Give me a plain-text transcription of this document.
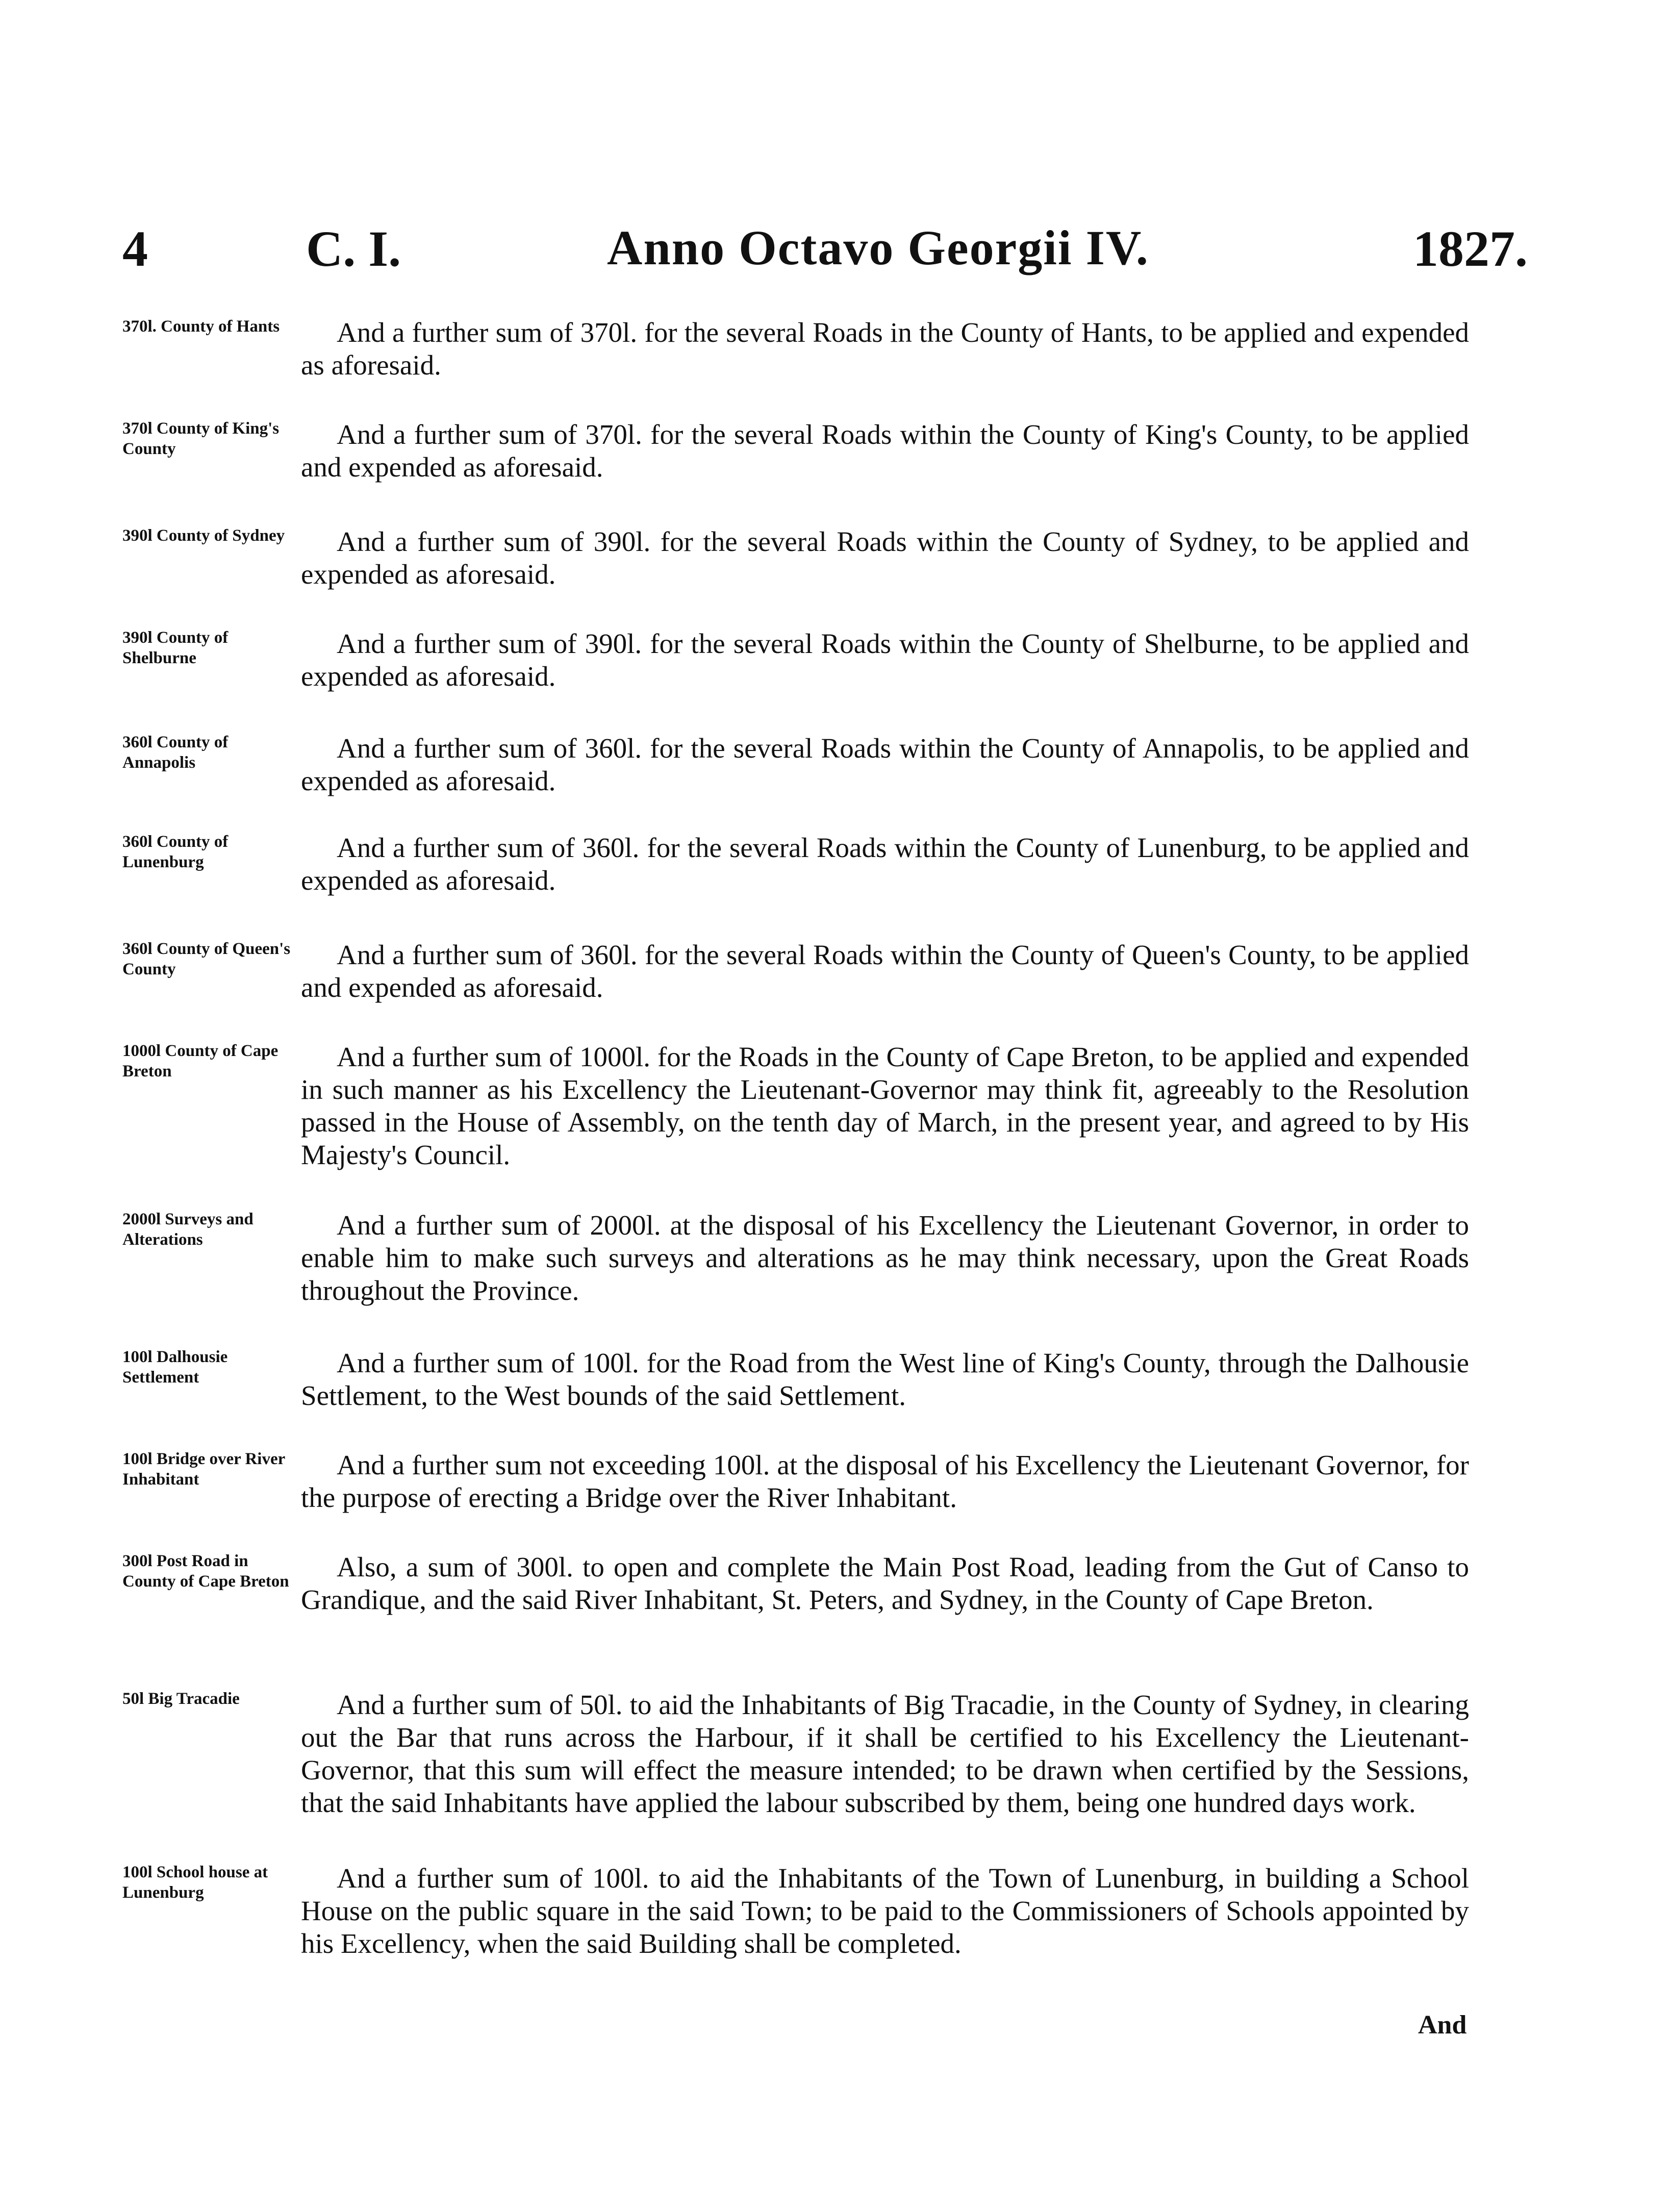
4	C. I.	Anno Octavo Georgii IV.	1827.
370l. County of Hants	And a further sum of 370l. for the several Roads in the County of Hants, to be applied and expended as aforesaid.
370l County of King's County	And a further sum of 370l. for the several Roads within the County of King's County, to be applied and expended as aforesaid.
390l County of Sydney	And a further sum of 390l. for the several Roads within the County of Sydney, to be applied and expended as aforesaid.
390l County of Shelburne	And a further sum of 390l. for the several Roads within the County of Shelburne, to be applied and expended as aforesaid.
360l County of Annapolis	And a further sum of 360l. for the several Roads within the County of Annapolis, to be applied and expended as aforesaid.
360l County of Lunenburg	And a further sum of 360l. for the several Roads within the County of Lunenburg, to be applied and expended as aforesaid.
360l County of Queen's County	And a further sum of 360l. for the several Roads within the County of Queen's County, to be applied and expended as aforesaid.
1000l County of Cape Breton	And a further sum of 1000l. for the Roads in the County of Cape Breton, to be applied and expended in such manner as his Excellency the Lieutenant-Governor may think fit, agreeably to the Resolution passed in the House of Assembly, on the tenth day of March, in the present year, and agreed to by His Majesty's Council.
2000l Surveys and Alterations	And a further sum of 2000l. at the disposal of his Excellency the Lieutenant Governor, in order to enable him to make such surveys and alterations as he may think necessary, upon the Great Roads throughout the Province.
100l Dalhousie Settlement	And a further sum of 100l. for the Road from the West line of King's County, through the Dalhousie Settlement, to the West bounds of the said Settlement.
100l Bridge over River Inhabitant	And a further sum not exceeding 100l. at the disposal of his Excellency the Lieutenant Governor, for the purpose of erecting a Bridge over the River Inhabitant.
300l Post Road in County of Cape Breton	Also, a sum of 300l. to open and complete the Main Post Road, leading from the Gut of Canso to Grandique, and the said River Inhabitant, St. Peters, and Sydney, in the County of Cape Breton.
50l Big Tracadie	And a further sum of 50l. to aid the Inhabitants of Big Tracadie, in the County of Sydney, in clearing out the Bar that runs across the Harbour, if it shall be certified to his Excellency the Lieutenant-Governor, that this sum will effect the measure intended; to be drawn when certified by the Sessions, that the said Inhabitants have applied the labour subscribed by them, being one hundred days work.
100l School house at Lunenburg	And a further sum of 100l. to aid the Inhabitants of the Town of Lunenburg, in building a School House on the public square in the said Town; to be paid to the Commissioners of Schools appointed by his Excellency, when the said Building shall be completed.
And
